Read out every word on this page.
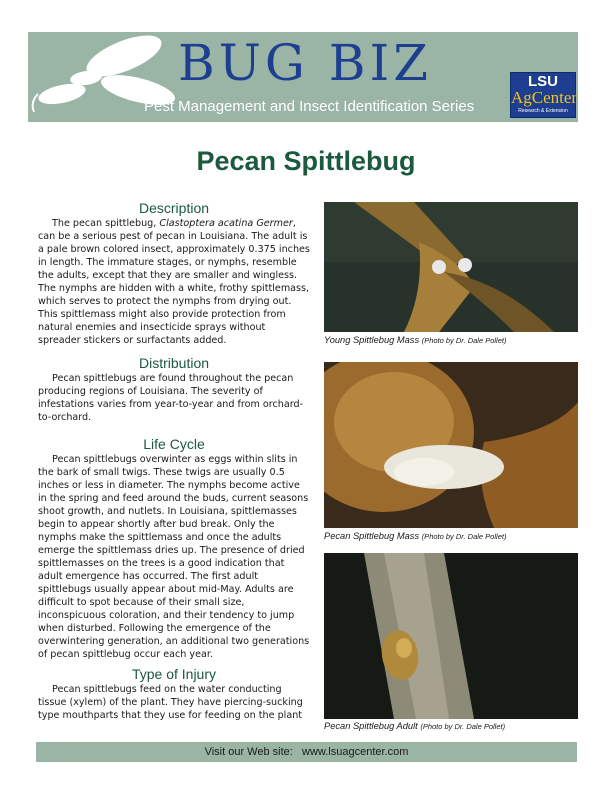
BUG BIZ
Pest Management and Insect Identification Series
LSU
AgCenter
Research & Extension
Pecan Spittlebug
Description

The pecan spittlebug, Clastoptera acatina Germer, can be a serious pest of pecan in Louisiana. The adult is a pale brown colored insect, approximately 0.375 inches in length. The immature stages, or nymphs, resemble the adults, except that they are smaller and wingless. The nymphs are hidden with a white, frothy spittlemass, which serves to protect the nymphs from drying out. This spittlemass might also provide protection from natural enemies and insecticide sprays without spreader stickers or surfactants added.

Distribution

Pecan spittlebugs are found throughout the pecan producing regions of Louisiana. The severity of infestations varies from year-to-year and from orchard-to-orchard.

Life Cycle

Pecan spittlebugs overwinter as eggs within slits in the bark of small twigs. These twigs are usually 0.5 inches or less in diameter. The nymphs become active in the spring and feed around the buds, current seasons shoot growth, and nutlets. In Louisiana, spittlemasses begin to appear shortly after bud break. Only the nymphs make the spittlemass and once the adults emerge the spittlemass dries up. The presence of dried spittlemasses on the trees is a good indication that adult emergence has occurred. The first adult spittlebugs usually appear about mid-May. Adults are difficult to spot because of their small size, inconspicuous coloration, and their tendency to jump when disturbed. Following the emergence of the overwintering generation, an additional two generations of pecan spittlebug occur each year.

Type of Injury

Pecan spittlebugs feed on the water conducting tissue (xylem) of the plant. They have piercing-sucking type mouthparts that they use for feeding on the plant

Young Spittlebug Mass (Photo by Dr. Dale Pollet)
Pecan Spittlebug Mass (Photo by Dr. Dale Pollet)
Pecan Spittlebug Adult (Photo by Dr. Dale Pollet)
Visit our Web site: www.lsuagcenter.com
